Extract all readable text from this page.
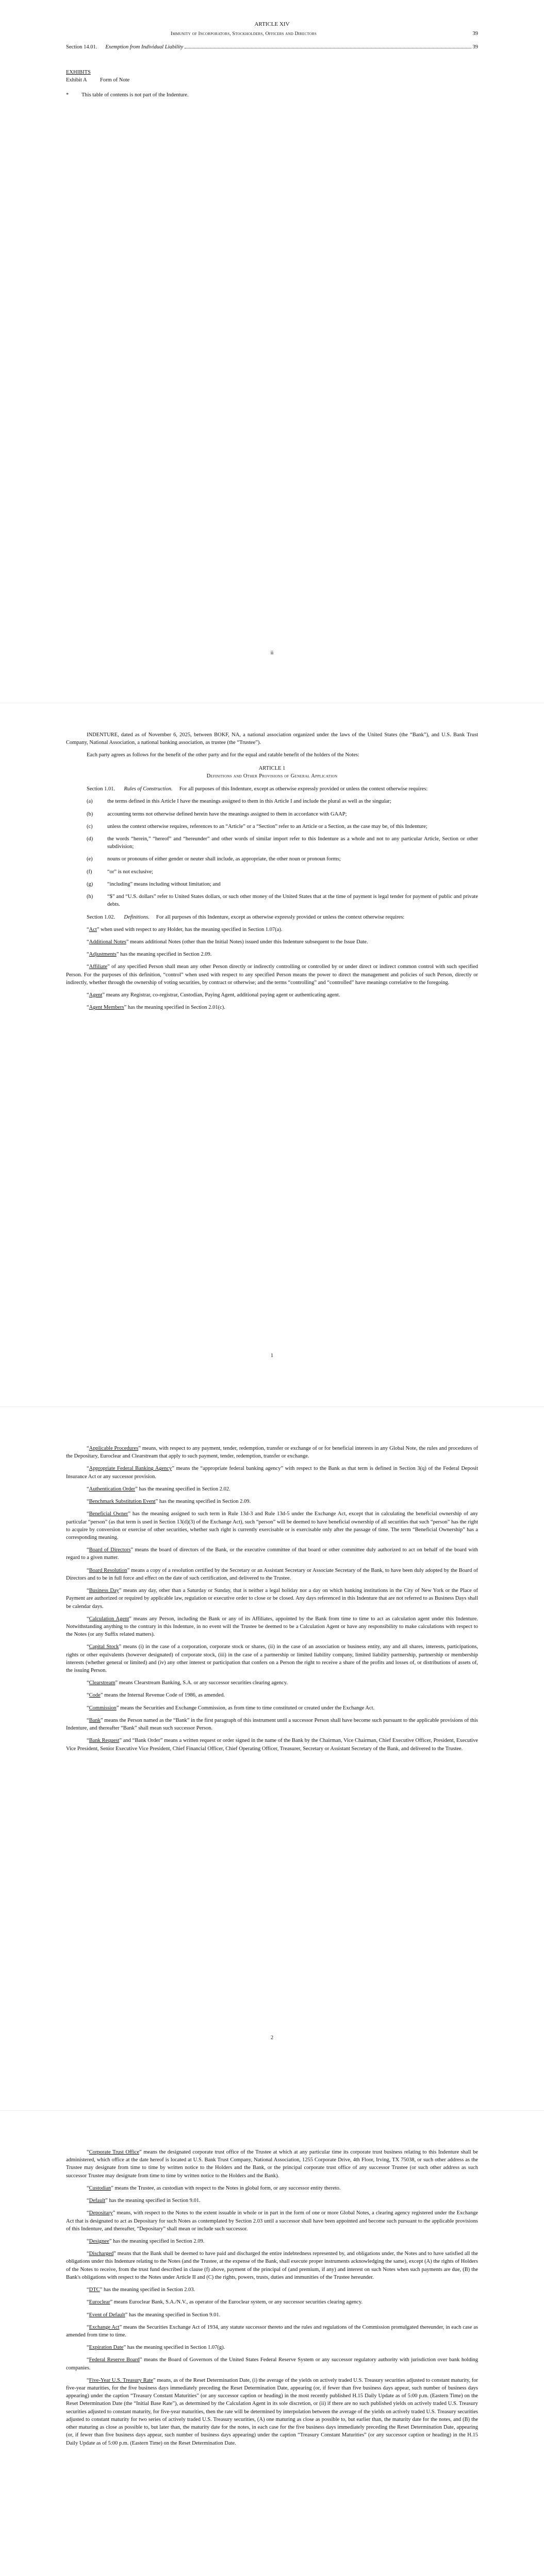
ARTICLE XIV
Immunity of Incorporators, Stockholders, Officers and Directors	39
Section 14.01. Exemption from Individual Liability	39
EXHIBITS
Exhibit A	Form of Note
*	This table of contents is not part of the Indenture.
ii

INDENTURE, dated as of November 6, 2025, between BOKF, NA, a national association organized under the laws of the United States (the “Bank”), and U.S. Bank Trust Company, National Association, a national banking association, as trustee (the “Trustee”).

Each party agrees as follows for the benefit of the other party and for the equal and ratable benefit of the holders of the Notes:

ARTICLE 1
Definitions and Other Provisions of General Application

Section 1.01. Rules of Construction. For all purposes of this Indenture, except as otherwise expressly provided or unless the context otherwise requires:

(a)	the terms defined in this Article I have the meanings assigned to them in this Article I and include the plural as well as the singular;
(b)	accounting terms not otherwise defined herein have the meanings assigned to them in accordance with GAAP;
(c)	unless the context otherwise requires, references to an “Article” or a “Section” refer to an Article or a Section, as the case may be, of this Indenture;
(d)	the words “herein,” “hereof” and “hereunder” and other words of similar import refer to this Indenture as a whole and not to any particular Article, Section or other subdivision;
(e)	nouns or pronouns of either gender or neuter shall include, as appropriate, the other noun or pronoun forms;
(f)	“or” is not exclusive;
(g)	“including” means including without limitation; and
(h)	“$” and “U.S. dollars” refer to United States dollars, or such other money of the United States that at the time of payment is legal tender for payment of public and private debts.

Section 1.02. Definitions. For all purposes of this Indenture, except as otherwise expressly provided or unless the context otherwise requires:

“Act” when used with respect to any Holder, has the meaning specified in Section 1.07(a).

“Additional Notes” means additional Notes (other than the Initial Notes) issued under this Indenture subsequent to the Issue Date.

“Adjustments” has the meaning specified in Section 2.09.

“Affiliate” of any specified Person shall mean any other Person directly or indirectly controlling or controlled by or under direct or indirect common control with such specified Person. For the purposes of this definition, “control” when used with respect to any specified Person means the power to direct the management and policies of such Person, directly or indirectly, whether through the ownership of voting securities, by contract or otherwise; and the terms “controlling” and “controlled” have meanings correlative to the foregoing.

“Agent” means any Registrar, co-registrar, Custodian, Paying Agent, additional paying agent or authenticating agent.

“Agent Members” has the meaning specified in Section 2.01(c).

1

“Applicable Procedures” means, with respect to any payment, tender, redemption, transfer or exchange of or for beneficial interests in any Global Note, the rules and procedures of the Depositary, Euroclear and Clearstream that apply to such payment, tender, redemption, transfer or exchange.

“Appropriate Federal Banking Agency” means the “appropriate federal banking agency” with respect to the Bank as that term is defined in Section 3(q) of the Federal Deposit Insurance Act or any successor provision.

“Authentication Order” has the meaning specified in Section 2.02.

“Benchmark Substitution Event” has the meaning specified in Section 2.09.

“Beneficial Owner” has the meaning assigned to such term in Rule 13d-3 and Rule 13d-5 under the Exchange Act, except that in calculating the beneficial ownership of any particular “person” (as that term is used in Section 13(d)(3) of the Exchange Act), such “person” will be deemed to have beneficial ownership of all securities that such “person” has the right to acquire by conversion or exercise of other securities, whether such right is currently exercisable or is exercisable only after the passage of time. The term “Beneficial Ownership” has a corresponding meaning.

“Board of Directors” means the board of directors of the Bank, or the executive committee of that board or other committee duly authorized to act on behalf of the board with regard to a given matter.

“Board Resolution” means a copy of a resolution certified by the Secretary or an Assistant Secretary or Associate Secretary of the Bank, to have been duly adopted by the Board of Directors and to be in full force and effect on the date of such certification, and delivered to the Trustee.

“Business Day” means any day, other than a Saturday or Sunday, that is neither a legal holiday nor a day on which banking institutions in the City of New York or the Place of Payment are authorized or required by applicable law, regulation or executive order to close or be closed. Any days referenced in this Indenture that are not referred to as Business Days shall be calendar days.

“Calculation Agent” means any Person, including the Bank or any of its Affiliates, appointed by the Bank from time to time to act as calculation agent under this Indenture. Notwithstanding anything to the contrary in this Indenture, in no event will the Trustee be deemed to be a Calculation Agent or have any responsibility to make calculations with respect to the Notes (or any Suffix related matters).

“Capital Stock” means (i) in the case of a corporation, corporate stock or shares, (ii) in the case of an association or business entity, any and all shares, interests, participations, rights or other equivalents (however designated) of corporate stock, (iii) in the case of a partnership or limited liability company, limited liability partnership, partnership or membership interests (whether general or limited) and (iv) any other interest or participation that confers on a Person the right to receive a share of the profits and losses of, or distributions of assets of, the issuing Person.

“Clearstream” means Clearstream Banking, S.A. or any successor securities clearing agency.

“Code” means the Internal Revenue Code of 1986, as amended.

“Commission” means the Securities and Exchange Commission, as from time to time constituted or created under the Exchange Act.

“Bank” means the Person named as the “Bank” in the first paragraph of this instrument until a successor Person shall have become such pursuant to the applicable provisions of this Indenture, and thereafter “Bank” shall mean such successor Person.

“Bank Request” and “Bank Order” means a written request or order signed in the name of the Bank by the Chairman, Vice Chairman, Chief Executive Officer, President, Executive Vice President, Senior Executive Vice President, Chief Financial Officer, Chief Operating Officer, Treasurer, Secretary or Assistant Secretary of the Bank, and delivered to the Trustee.

2

“Corporate Trust Office” means the designated corporate trust office of the Trustee at which at any particular time its corporate trust business relating to this Indenture shall be administered, which office at the date hereof is located at U.S. Bank Trust Company, National Association, 1255 Corporate Drive, 4th Floor, Irving, TX 75038, or such other address as the Trustee may designate from time to time by written notice to the Holders and the Bank, or the principal corporate trust office of any successor Trustee (or such other address as such successor Trustee may designate from time to time by written notice to the Holders and the Bank).

“Custodian” means the Trustee, as custodian with respect to the Notes in global form, or any successor entity thereto.

“Default” has the meaning specified in Section 9.01.

“Depositary” means, with respect to the Notes to the extent issuable in whole or in part in the form of one or more Global Notes, a clearing agency registered under the Exchange Act that is designated to act as Depositary for such Notes as contemplated by Section 2.03 until a successor shall have been appointed and become such pursuant to the applicable provisions of this Indenture, and thereafter, “Depositary” shall mean or include such successor.

“Designee” has the meaning specified in Section 2.09.

“Discharged” means that the Bank shall be deemed to have paid and discharged the entire indebtedness represented by, and obligations under, the Notes and to have satisfied all the obligations under this Indenture relating to the Notes (and the Trustee, at the expense of the Bank, shall execute proper instruments acknowledging the same), except (A) the rights of Holders of the Notes to receive, from the trust fund described in clause (f) above, payment of the principal of (and premium, if any) and interest on such Notes when such payments are due, (B) the Bank's obligations with respect to the Notes under Article II and (C) the rights, powers, trusts, duties and immunities of the Trustee hereunder.

“DTC” has the meaning specified in Section 2.03.

“Euroclear” means Euroclear Bank, S.A./N.V., as operator of the Euroclear system, or any successor securities clearing agency.

“Event of Default” has the meaning specified in Section 9.01.

“Exchange Act” means the Securities Exchange Act of 1934, any statute successor thereto and the rules and regulations of the Commission promulgated thereunder, in each case as amended from time to time.

“Expiration Date” has the meaning specified in Section 1.07(g).

“Federal Reserve Board” means the Board of Governors of the United States Federal Reserve System or any successor regulatory authority with jurisdiction over bank holding companies.

“Five-Year U.S. Treasury Rate” means, as of the Reset Determination Date, (i) the average of the yields on actively traded U.S. Treasury securities adjusted to constant maturity, for five-year maturities, for the five business days immediately preceding the Reset Determination Date, appearing (or, if fewer than five business days appear, such number of business days appearing) under the caption “Treasury Constant Maturities” (or any successor caption or heading) in the most recently published H.15 Daily Update as of 5:00 p.m. (Eastern Time) on the Reset Determination Date (the “Initial Base Rate”), as determined by the Calculation Agent in its sole discretion, or (ii) if there are no such published yields on actively traded U.S. Treasury securities adjusted to constant maturity, for five-year maturities, then the rate will be determined by interpolation between the average of the yields on actively traded U.S. Treasury securities adjusted to constant maturity for two series of actively traded U.S. Treasury securities, (A) one maturing as close as possible to, but earlier than, the maturity date for the notes, and (B) the other maturing as close as possible to, but later than, the maturity date for the notes, in each case for the five business days immediately preceding the Reset Determination Date, appearing (or, if fewer than five business days appear, such number of business days appearing) under the caption “Treasury Constant Maturities” (or any successor caption or heading) in the H.15 Daily Update as of 5:00 p.m. (Eastern Time) on the Reset Determination Date.
